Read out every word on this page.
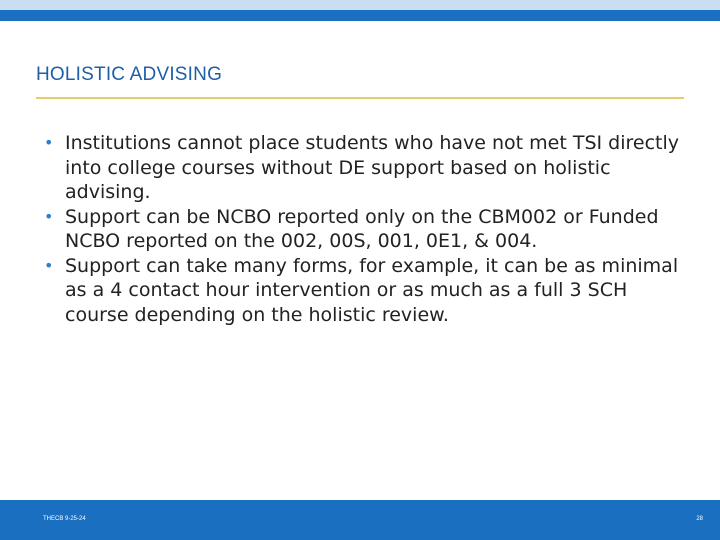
HOLISTIC ADVISING
• Institutions cannot place students who have not met TSI directly into college courses without DE support based on holistic advising.
• Support can be NCBO reported only on the CBM002 or Funded NCBO reported on the 002, 00S, 001, 0E1, & 004.
• Support can take many forms, for example, it can be as minimal as a 4 contact hour intervention or as much as a full 3 SCH course depending on the holistic review.
THECB 9-25-24	28
